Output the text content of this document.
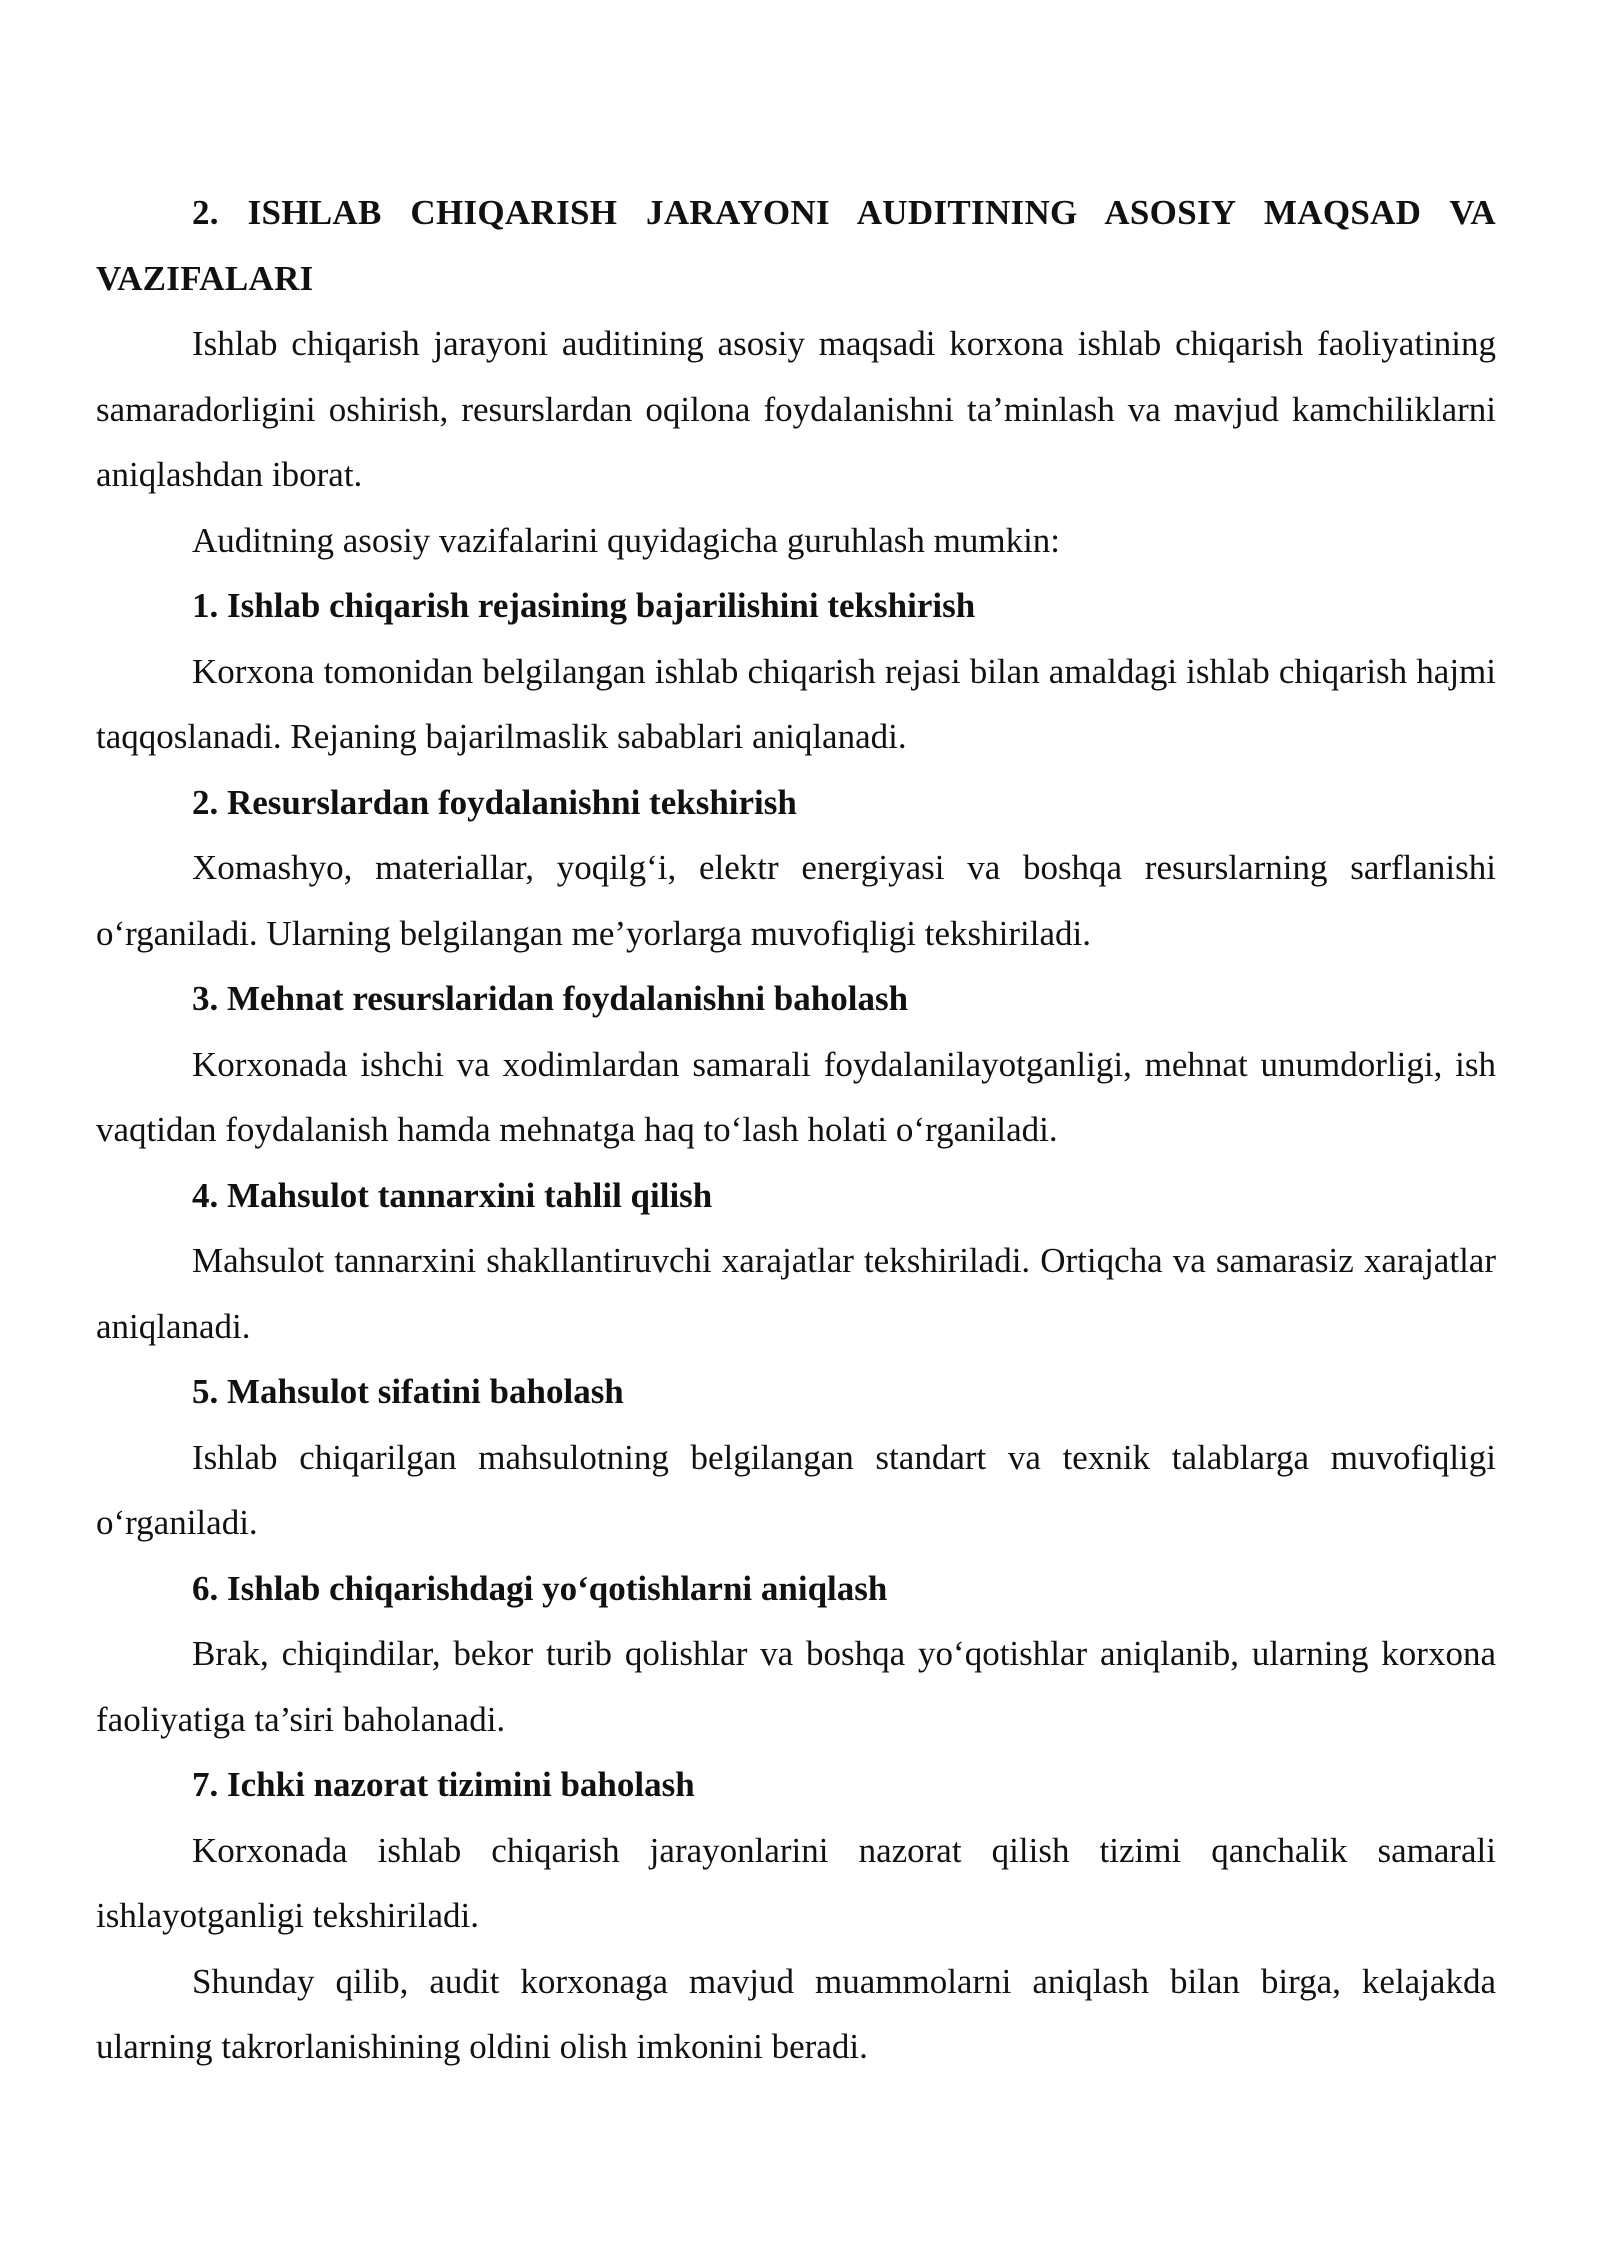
2. ISHLAB CHIQARISH JARAYONI AUDITINING ASOSIY MAQSAD VA VAZIFALARI

Ishlab chiqarish jarayoni auditining asosiy maqsadi korxona ishlab chiqarish faoliyatining samaradorligini oshirish, resurslardan oqilona foydalanishni ta’minlash va mavjud kamchiliklarni aniqlashdan iborat.

Auditning asosiy vazifalarini quyidagicha guruhlash mumkin:

1. Ishlab chiqarish rejasining bajarilishini tekshirish

Korxona tomonidan belgilangan ishlab chiqarish rejasi bilan amaldagi ishlab chiqarish hajmi taqqoslanadi. Rejaning bajarilmaslik sabablari aniqlanadi.

2. Resurslardan foydalanishni tekshirish

Xomashyo, materiallar, yoqilg‘i, elektr energiyasi va boshqa resurslarning sarflanishi o‘rganiladi. Ularning belgilangan me’yorlarga muvofiqligi tekshiriladi.

3. Mehnat resurslaridan foydalanishni baholash

Korxonada ishchi va xodimlardan samarali foydalanilayotganligi, mehnat unumdorligi, ish vaqtidan foydalanish hamda mehnatga haq to‘lash holati o‘rganiladi.

4. Mahsulot tannarxini tahlil qilish

Mahsulot tannarxini shakllantiruvchi xarajatlar tekshiriladi. Ortiqcha va samarasiz xarajatlar aniqlanadi.

5. Mahsulot sifatini baholash

Ishlab chiqarilgan mahsulotning belgilangan standart va texnik talablarga muvofiqligi o‘rganiladi.

6. Ishlab chiqarishdagi yo‘qotishlarni aniqlash

Brak, chiqindilar, bekor turib qolishlar va boshqa yo‘qotishlar aniqlanib, ularning korxona faoliyatiga ta’siri baholanadi.

7. Ichki nazorat tizimini baholash

Korxonada ishlab chiqarish jarayonlarini nazorat qilish tizimi qanchalik samarali ishlayotganligi tekshiriladi.

Shunday qilib, audit korxonaga mavjud muammolarni aniqlash bilan birga, kelajakda ularning takrorlanishining oldini olish imkonini beradi.
